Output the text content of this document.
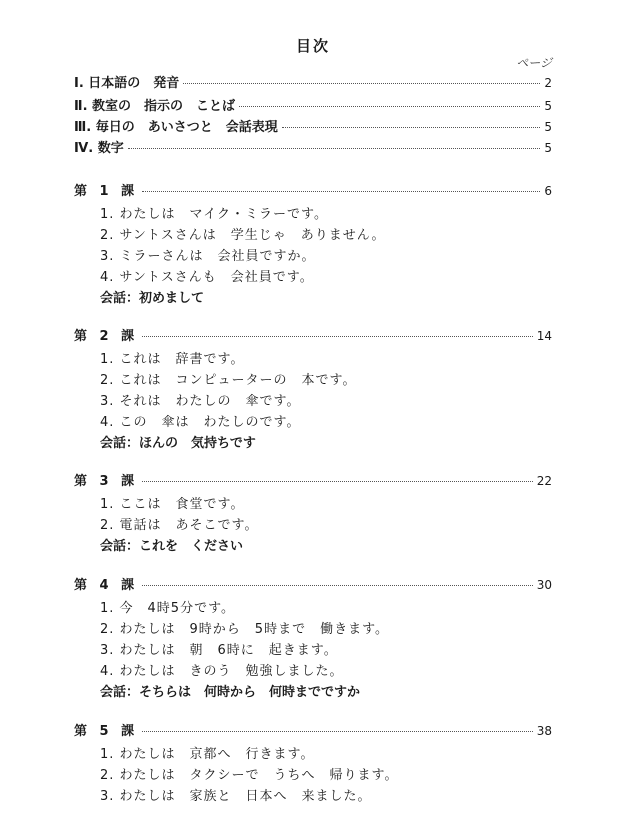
目次
ページ
Ⅰ. 日本語の　発音	2
Ⅱ. 教室の　指示の　ことば	5
Ⅲ. 毎日の　あいさつと　会話表現	5
Ⅳ. 数字	5
第 1 課	6
1. わたしは　マイク・ミラーです。
2. サントスさんは　学生じゃ　ありません。
3. ミラーさんは　会社員ですか。
4. サントスさんも　会社員です。
会話：初めまして
第 2 課	14
1. これは　辞書です。
2. これは　コンピューターの　本です。
3. それは　わたしの　傘です。
4. この　傘は　わたしのです。
会話：ほんの　気持ちです
第 3 課	22
1. ここは　食堂です。
2. 電話は　あそこです。
会話：これを　ください
第 4 課	30
1. 今　4時5分です。
2. わたしは　9時から　5時まで　働きます。
3. わたしは　朝　6時に　起きます。
4. わたしは　きのう　勉強しました。
会話：そちらは　何時から　何時までですか
第 5 課	38
1. わたしは　京都へ　行きます。
2. わたしは　タクシーで　うちへ　帰ります。
3. わたしは　家族と　日本へ　来ました。
